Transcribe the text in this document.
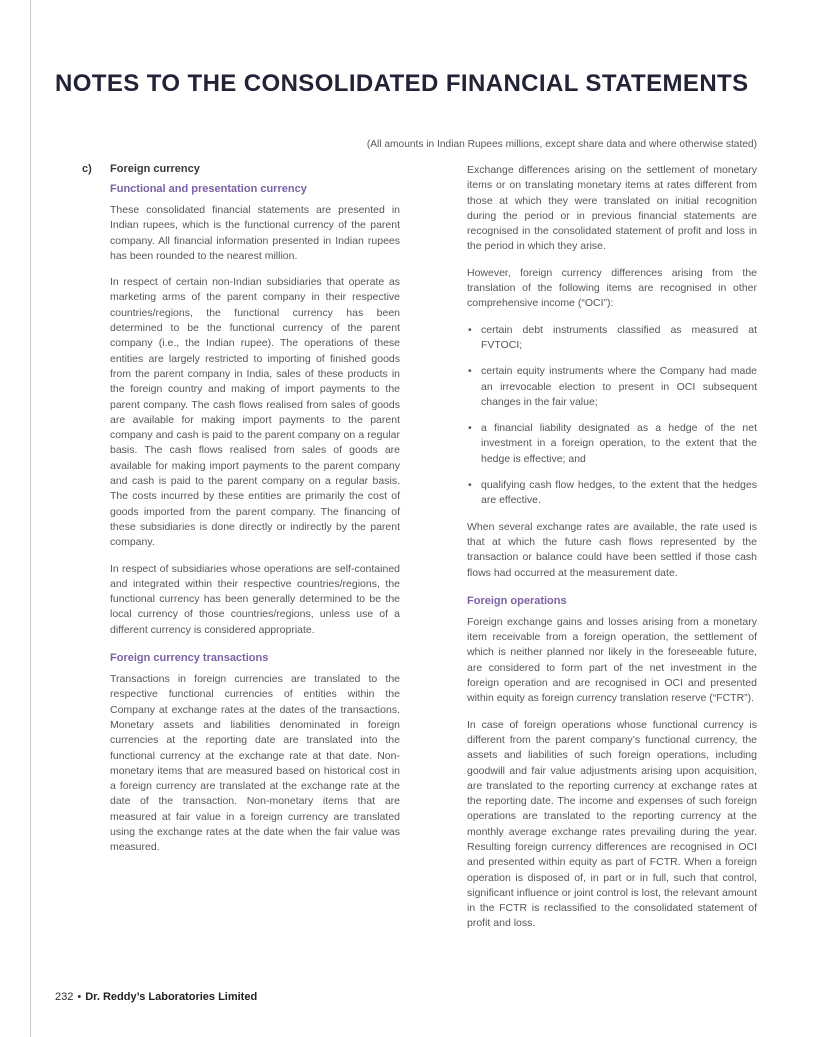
NOTES TO THE CONSOLIDATED FINANCIAL STATEMENTS
(All amounts in Indian Rupees millions, except share data and where otherwise stated)
c) Foreign currency
Functional and presentation currency

These consolidated financial statements are presented in Indian rupees, which is the functional currency of the parent company. All financial information presented in Indian rupees has been rounded to the nearest million.

In respect of certain non-Indian subsidiaries that operate as marketing arms of the parent company in their respective countries/regions, the functional currency has been determined to be the functional currency of the parent company (i.e., the Indian rupee). The operations of these entities are largely restricted to importing of finished goods from the parent company in India, sales of these products in the foreign country and making of import payments to the parent company. The cash flows realised from sales of goods are available for making import payments to the parent company and cash is paid to the parent company on a regular basis. The cash flows realised from sales of goods are available for making import payments to the parent company and cash is paid to the parent company on a regular basis. The costs incurred by these entities are primarily the cost of goods imported from the parent company. The financing of these subsidiaries is done directly or indirectly by the parent company.

In respect of subsidiaries whose operations are self-contained and integrated within their respective countries/regions, the functional currency has been generally determined to be the local currency of those countries/regions, unless use of a different currency is considered appropriate.

Foreign currency transactions

Transactions in foreign currencies are translated to the respective functional currencies of entities within the Company at exchange rates at the dates of the transactions. Monetary assets and liabilities denominated in foreign currencies at the reporting date are translated into the functional currency at the exchange rate at that date. Non-monetary items that are measured based on historical cost in a foreign currency are translated at the exchange rate at the date of the transaction. Non-monetary items that are measured at fair value in a foreign currency are translated using the exchange rates at the date when the fair value was measured.

Exchange differences arising on the settlement of monetary items or on translating monetary items at rates different from those at which they were translated on initial recognition during the period or in previous financial statements are recognised in the consolidated statement of profit and loss in the period in which they arise.

However, foreign currency differences arising from the translation of the following items are recognised in other comprehensive income (“OCI”):

• certain debt instruments classified as measured at FVTOCI;
• certain equity instruments where the Company had made an irrevocable election to present in OCI subsequent changes in the fair value;
• a financial liability designated as a hedge of the net investment in a foreign operation, to the extent that the hedge is effective; and
• qualifying cash flow hedges, to the extent that the hedges are effective.

When several exchange rates are available, the rate used is that at which the future cash flows represented by the transaction or balance could have been settled if those cash flows had occurred at the measurement date.

Foreign operations

Foreign exchange gains and losses arising from a monetary item receivable from a foreign operation, the settlement of which is neither planned nor likely in the foreseeable future, are considered to form part of the net investment in the foreign operation and are recognised in OCI and presented within equity as foreign currency translation reserve (“FCTR”).

In case of foreign operations whose functional currency is different from the parent company’s functional currency, the assets and liabilities of such foreign operations, including goodwill and fair value adjustments arising upon acquisition, are translated to the reporting currency at exchange rates at the reporting date. The income and expenses of such foreign operations are translated to the reporting currency at the monthly average exchange rates prevailing during the year. Resulting foreign currency differences are recognised in OCI and presented within equity as part of FCTR. When a foreign operation is disposed of, in part or in full, such that control, significant influence or joint control is lost, the relevant amount in the FCTR is reclassified to the consolidated statement of profit and loss.

232 • Dr. Reddy’s Laboratories Limited
